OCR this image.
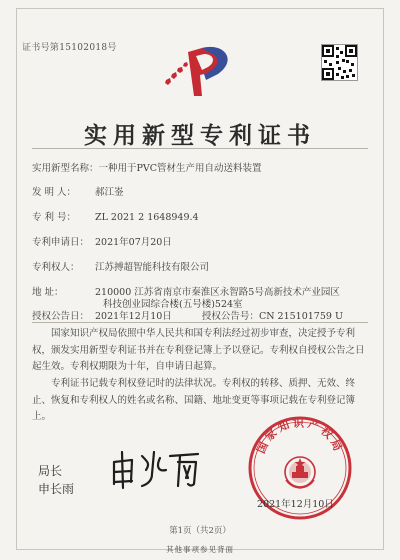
证书号第15102018号
实用新型专利证书
实用新型名称：一种用于PVC管材生产用自动送料装置
发 明 人： 郝江崟
专 利 号： ZL 2021 2 1648949.4
专利申请日： 2021年07月20日
专利权人： 江苏搏超智能科技有限公司
地 址：	210000 江苏省南京市秦淮区永智路5号高新技术产业园区
科技创业园综合楼(五号楼)524室
授权公告日： 2021年12月10日	授权公告号：CN 215101759 U
国家知识产权局依照中华人民共和国专利法经过初步审查，决定授予专利权，颁发实用新型专利证书并在专利登记簿上予以登记。专利权自授权公告之日起生效。专利权期限为十年，自申请日起算。
专利证书记载专利权登记时的法律状况。专利权的转移、质押、无效、终止、恢复和专利权人的姓名或名称、国籍、地址变更等事项记载在专利登记簿上。
局长
申长雨
国家知识产权局
2021年12月10日
第1页（共2页）
其他事项参见背面
